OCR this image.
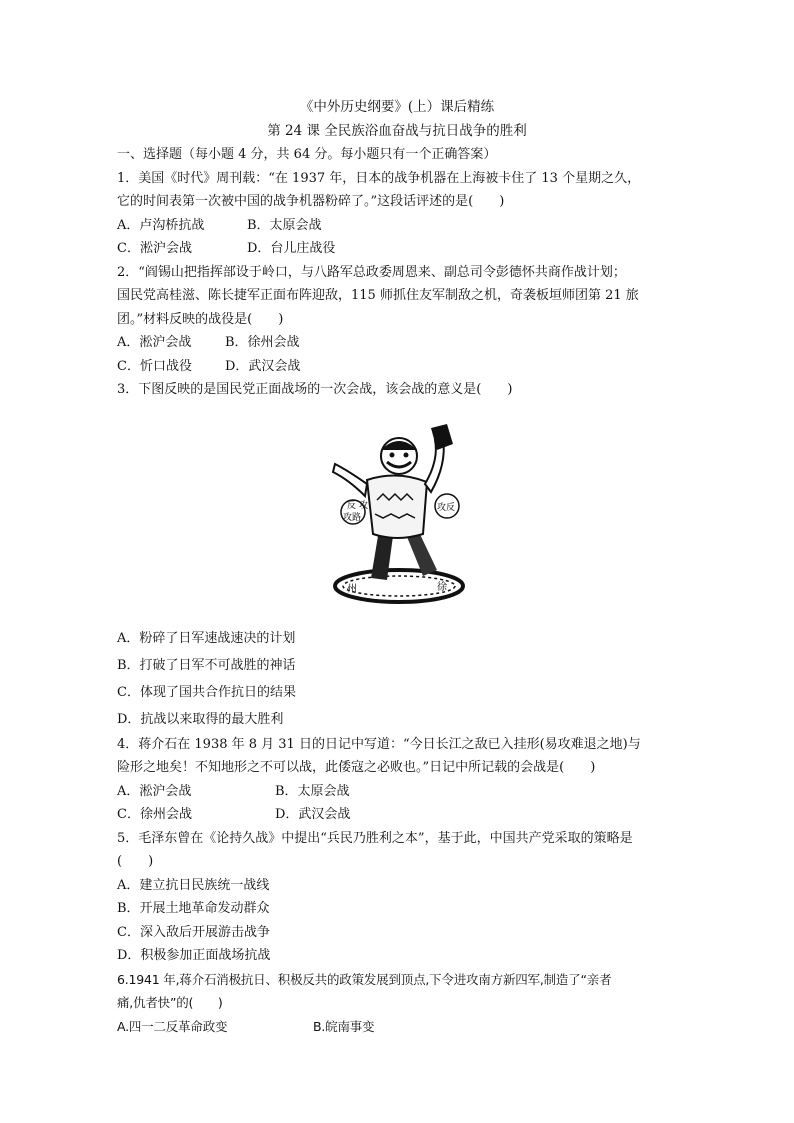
《中外历史纲要》(上）课后精练

第 24 课 全民族浴血奋战与抗日战争的胜利

一、选择题（每小题 4 分，共 64 分。每小题只有一个正确答案）

1．美国《时代》周刊载：“在 1937 年，日本的战争机器在上海被卡住了 13 个星期之久，

它的时间表第一次被中国的战争机器粉碎了。”这段话评述的是(　　)

A．卢沟桥抗战	B．太原会战
C．淞沪会战	D．台儿庄战役

2．“阎锡山把指挥部设于岭口，与八路军总政委周恩来、副总司令彭德怀共商作战计划；

国民党高桂滋、陈长捷军正面布阵迎敌，115 师抓住友军制敌之机，奇袭板垣师团第 21 旅

团。”材料反映的战役是(　　)

A．淞沪会战	B．徐州会战
C．忻口战役	D．武汉会战

3．下图反映的是国民党正面战场的一次会战，该会战的意义是(　　)

反 攻
攻路
攻反
州	徐

A．粉碎了日军速战速决的计划

B．打破了日军不可战胜的神话

C．体现了国共合作抗日的结果

D．抗战以来取得的最大胜利

4．蒋介石在 1938 年 8 月 31 日的日记中写道：“今日长江之敌已入挂形(易攻难退之地)与

险形之地矣！不知地形之不可以战，此倭寇之必败也。”日记中所记载的会战是(　　)

A．淞沪会战	B．太原会战
C．徐州会战	D．武汉会战

5．毛泽东曾在《论持久战》中提出“兵民乃胜利之本”，基于此，中国共产党采取的策略是

(　　)

A．建立抗日民族统一战线

B．开展土地革命发动群众

C．深入敌后开展游击战争

D．积极参加正面战场抗战

6.1941 年,蒋介石消极抗日、积极反共的政策发展到顶点,下令进攻南方新四军,制造了“亲者

痛,仇者快”的(　　)

A.四一二反革命政变	B.皖南事变
